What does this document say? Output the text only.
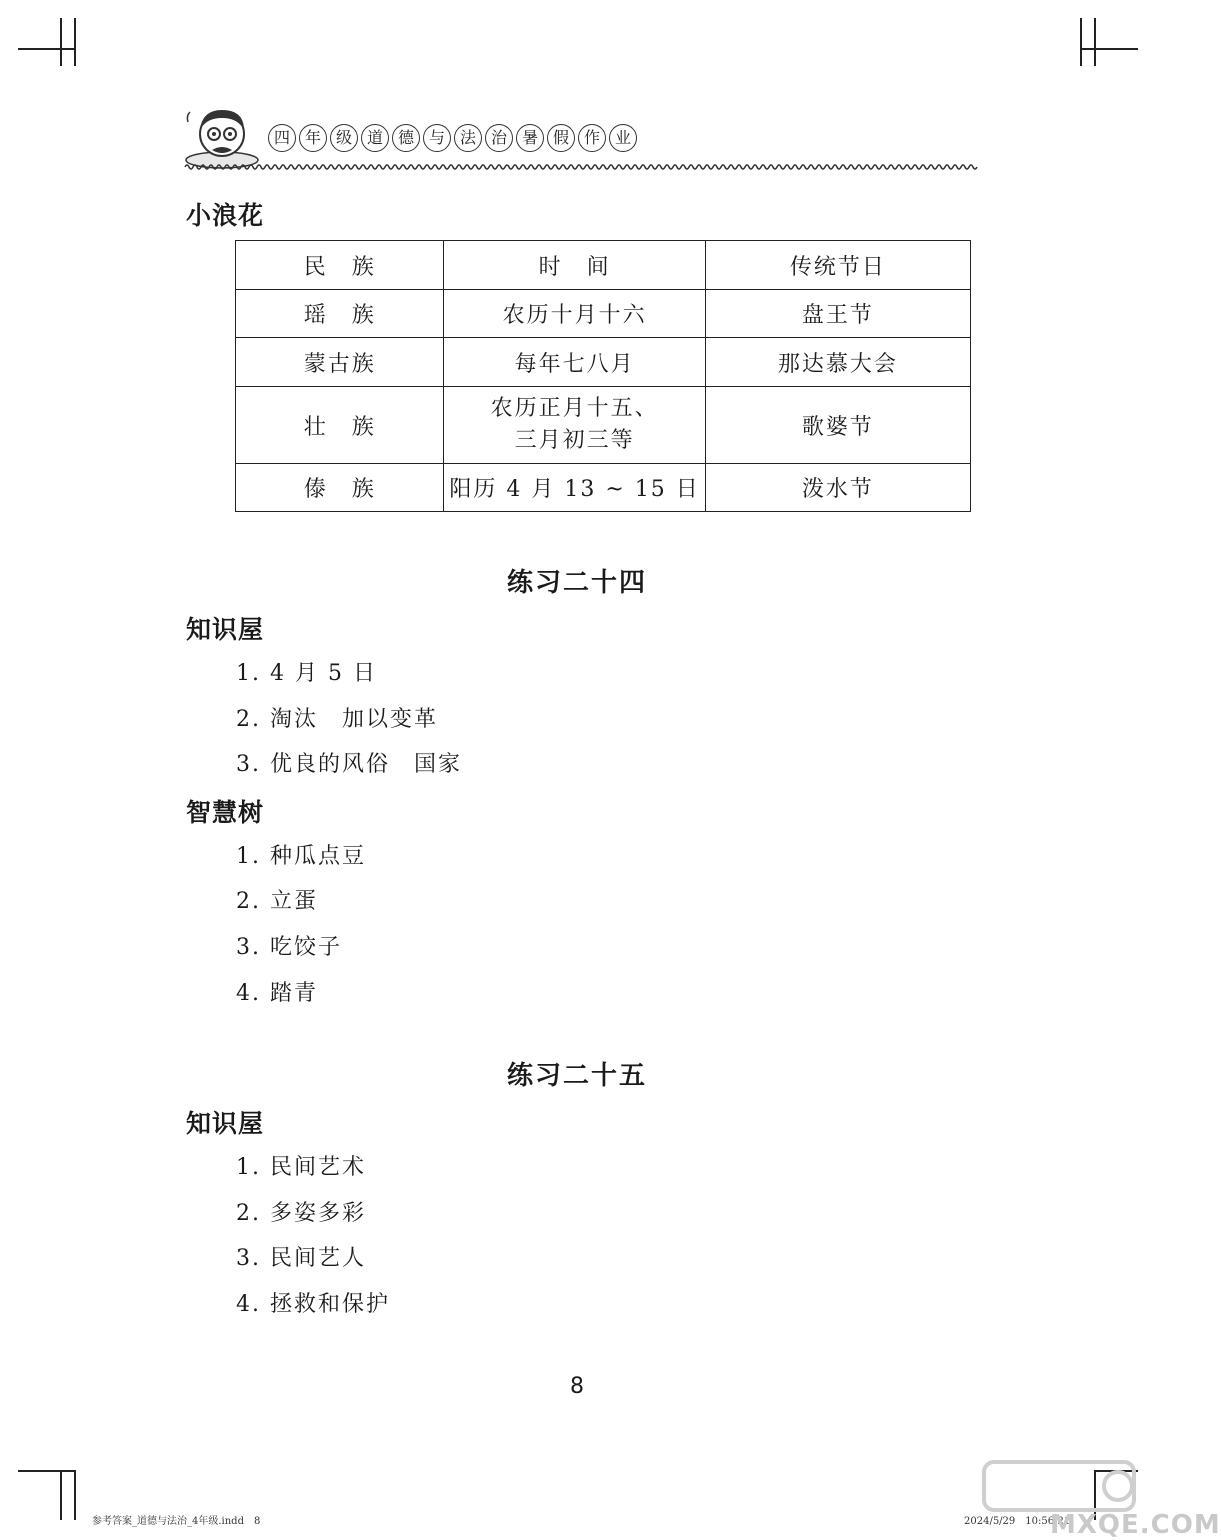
四 年 级 道 德 与 法 治 暑 假 作 业
小浪花
民　族	时　间	传统节日
瑶　族	农历十月十六	盘王节
蒙古族	每年七八月	那达慕大会
壮　族	农历正月十五、
三月初三等	歌婆节
傣　族	阳历 4 月 13 ~ 15 日	泼水节
练习二十四
知识屋
1. 4 月 5 日
2. 淘汰　加以变革
3. 优良的风俗　国家
智慧树
1. 种瓜点豆
2. 立蛋
3. 吃饺子
4. 踏青
练习二十五
知识屋
1. 民间艺术
2. 多姿多彩
3. 民间艺人
4. 拯救和保护
8
参考答案_道德与法治_4年级.indd　8	2024/5/29　10:56:21
MXQE.COM
